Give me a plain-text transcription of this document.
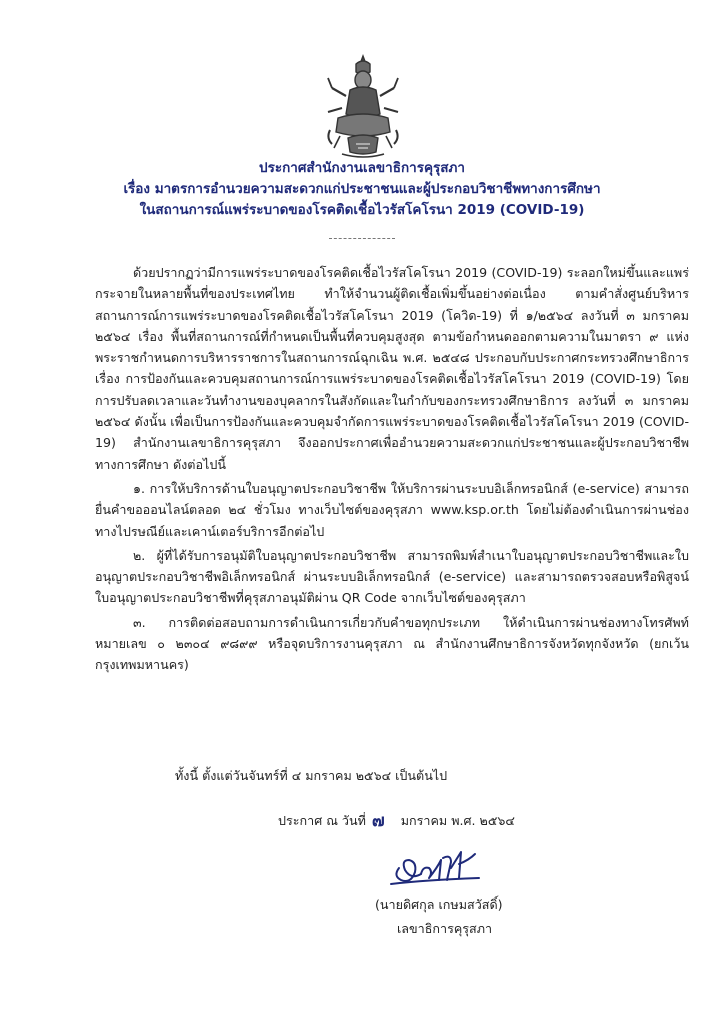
ประกาศสำนักงานเลขาธิการคุรุสภา
เรื่อง มาตรการอำนวยความสะดวกแก่ประชาชนและผู้ประกอบวิชาชีพทางการศึกษา
ในสถานการณ์แพร่ระบาดของโรคติดเชื้อไวรัสโคโรนา 2019 (COVID-19)

ด้วยปรากฏว่ามีการแพร่ระบาดของโรคติดเชื้อไวรัสโคโรนา 2019 (COVID-19) ระลอกใหม่ขึ้นและแพร่กระจายในหลายพื้นที่ของประเทศไทย ทำให้จำนวนผู้ติดเชื้อเพิ่มขึ้นอย่างต่อเนื่อง ตามคำสั่งศูนย์บริหารสถานการณ์การแพร่ระบาดของโรคติดเชื้อไวรัสโคโรนา 2019 (โควิด-19) ที่ ๑/๒๕๖๔ ลงวันที่ ๓ มกราคม ๒๕๖๔ เรื่อง พื้นที่สถานการณ์ที่กำหนดเป็นพื้นที่ควบคุมสูงสุด ตามข้อกำหนดออกตามความในมาตรา ๙ แห่งพระราชกำหนดการบริหารราชการในสถานการณ์ฉุกเฉิน พ.ศ. ๒๕๔๘ ประกอบกับประกาศกระทรวงศึกษาธิการ เรื่อง การป้องกันและควบคุมสถานการณ์การแพร่ระบาดของโรคติดเชื้อไวรัสโคโรนา 2019 (COVID-19) โดยการปรับลดเวลาและวันทำงานของบุคลากรในสังกัดและในกำกับของกระทรวงศึกษาธิการ ลงวันที่ ๓ มกราคม ๒๕๖๔ ดังนั้น เพื่อเป็นการป้องกันและควบคุมจำกัดการแพร่ระบาดของโรคติดเชื้อไวรัสโคโรนา 2019 (COVID-19) สำนักงานเลขาธิการคุรุสภา จึงออกประกาศเพื่ออำนวยความสะดวกแก่ประชาชนและผู้ประกอบวิชาชีพทางการศึกษา ดังต่อไปนี้

๑. การให้บริการด้านใบอนุญาตประกอบวิชาชีพ ให้บริการผ่านระบบอิเล็กทรอนิกส์ (e-service) สามารถยื่นคำขอออนไลน์ตลอด ๒๔ ชั่วโมง ทางเว็บไซต์ของคุรุสภา www.ksp.or.th โดยไม่ต้องดำเนินการผ่านช่องทางไปรษณีย์และเคาน์เตอร์บริการอีกต่อไป

๒. ผู้ที่ได้รับการอนุมัติใบอนุญาตประกอบวิชาชีพ สามารถพิมพ์สำเนาใบอนุญาตประกอบวิชาชีพและใบอนุญาตประกอบวิชาชีพอิเล็กทรอนิกส์ ผ่านระบบอิเล็กทรอนิกส์ (e-service) และสามารถตรวจสอบหรือพิสูจน์ใบอนุญาตประกอบวิชาชีพที่คุรุสภาอนุมัติผ่าน QR Code จากเว็บไซต์ของคุรุสภา

๓. การติดต่อสอบถามการดำเนินการเกี่ยวกับคำขอทุกประเภท ให้ดำเนินการผ่านช่องทางโทรศัพท์หมายเลข ๐ ๒๓๐๔ ๙๘๙๙ หรือจุดบริการงานคุรุสภา ณ สำนักงานศึกษาธิการจังหวัดทุกจังหวัด (ยกเว้นกรุงเทพมหานคร)

ทั้งนี้ ตั้งแต่วันจันทร์ที่ ๔ มกราคม ๒๕๖๔ เป็นต้นไป
ประกาศ ณ วันที่ ๗ มกราคม พ.ศ. ๒๕๖๔
(นายดิศกุล เกษมสวัสดิ์)
เลขาธิการคุรุสภา
